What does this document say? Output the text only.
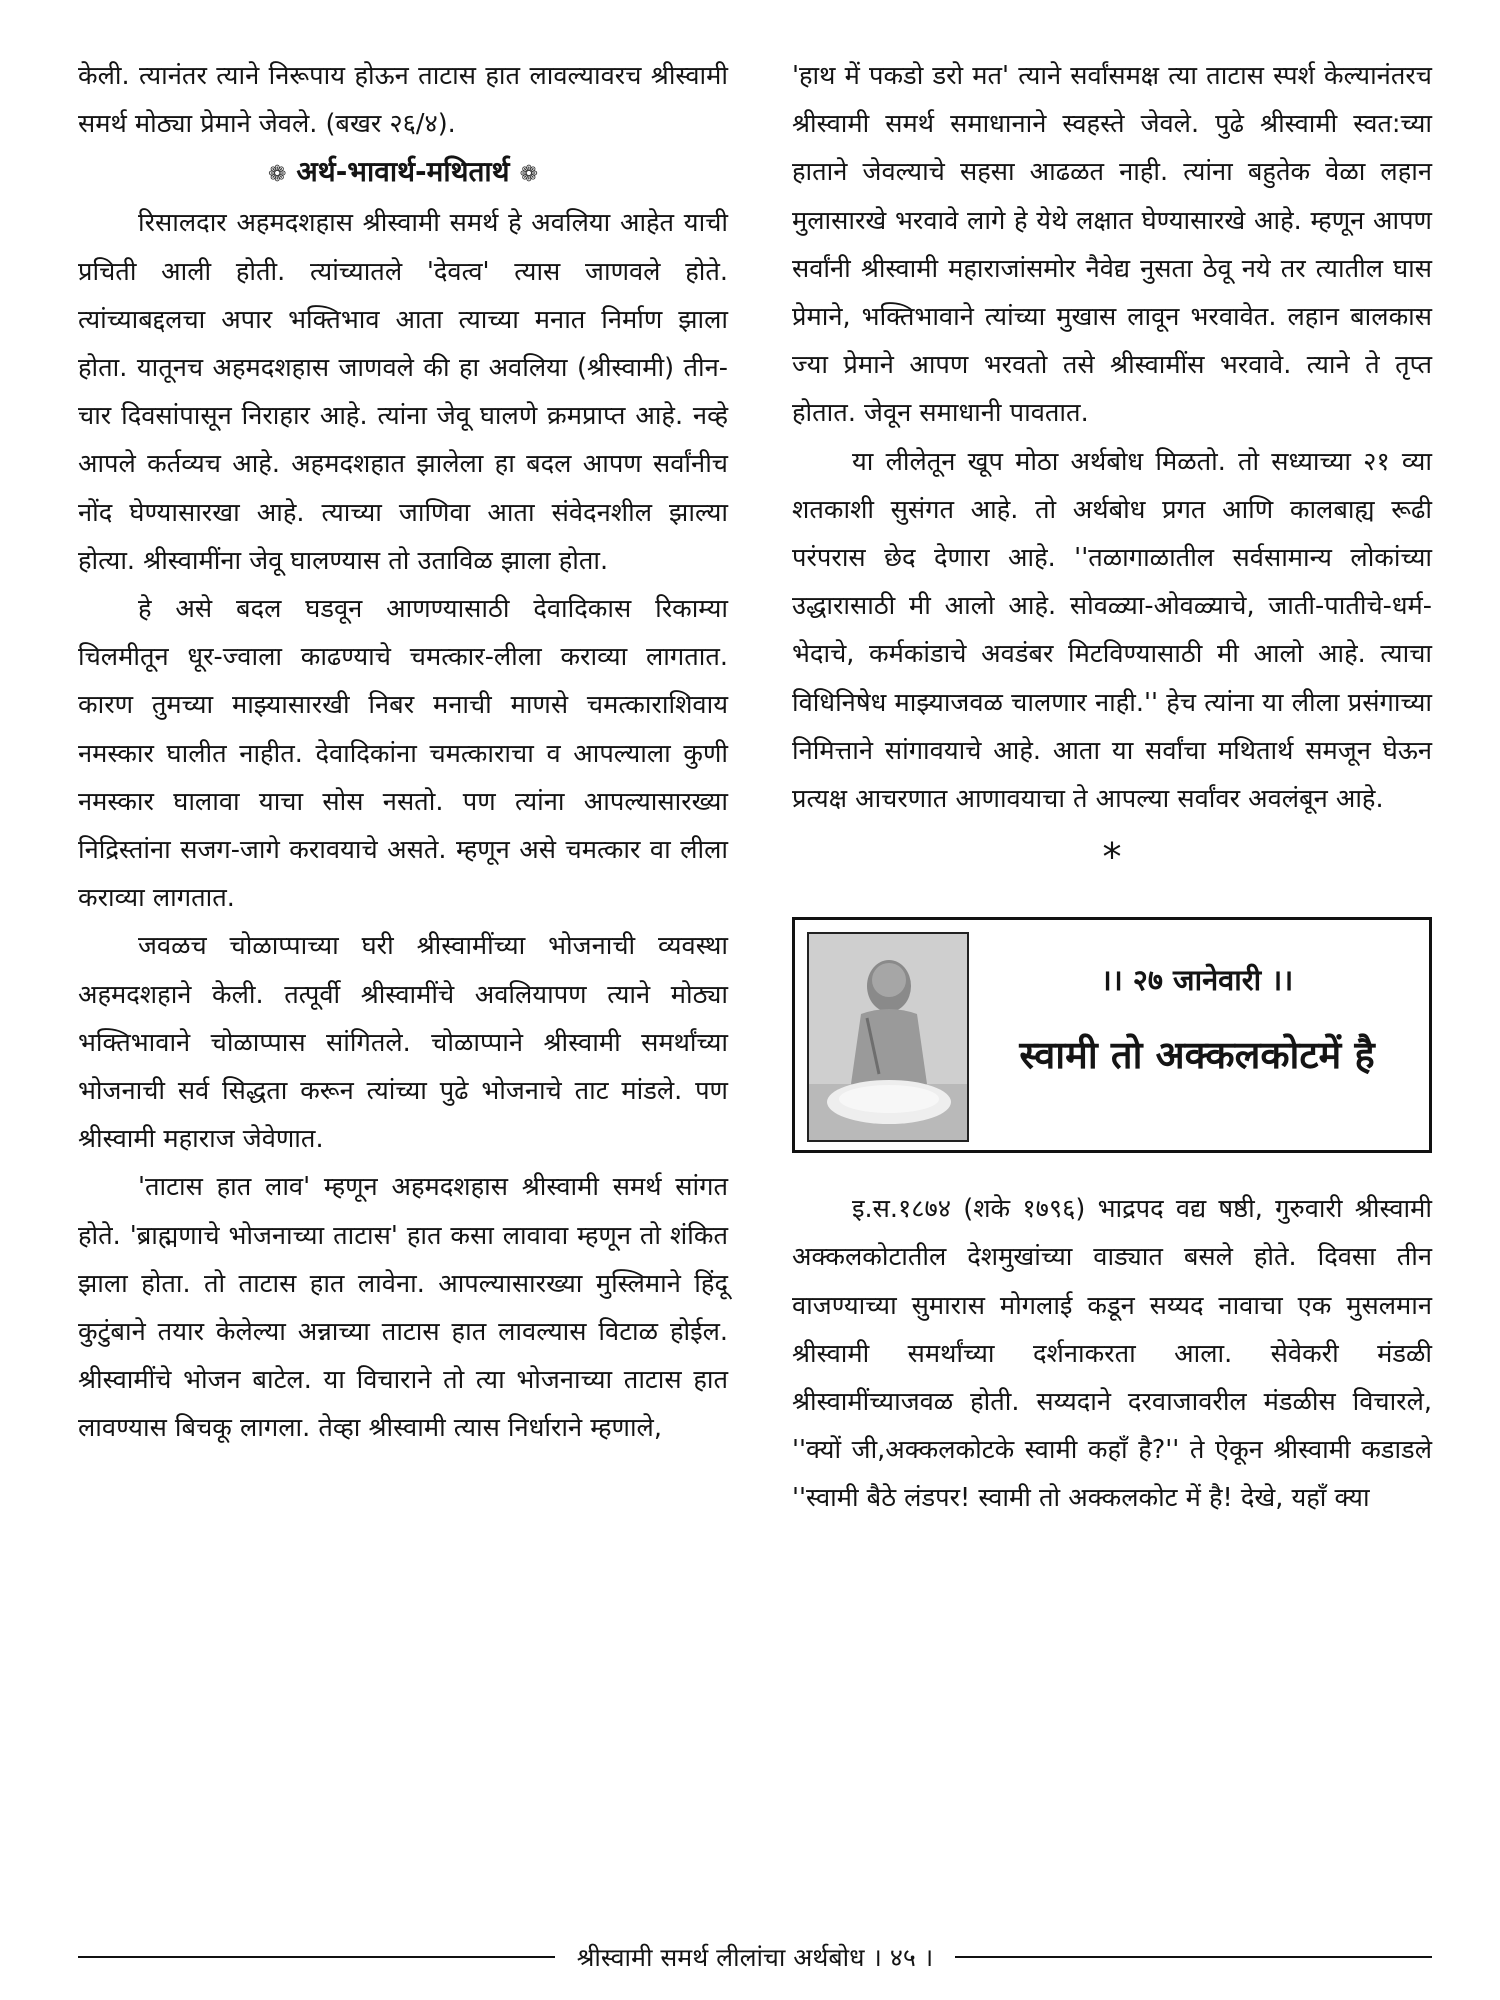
केली. त्यानंतर त्याने निरूपाय होऊन ताटास हात लावल्यावरच श्रीस्वामी समर्थ मोठ्या प्रेमाने जेवले. (बखर २६/४).

❁ अर्थ-भावार्थ-मथितार्थ ❁

रिसालदार अहमदशहास श्रीस्वामी समर्थ हे अवलिया आहेत याची प्रचिती आली होती. त्यांच्यातले 'देवत्व' त्यास जाणवले होते. त्यांच्याबद्दलचा अपार भक्तिभाव आता त्याच्या मनात निर्माण झाला होता. यातूनच अहमदशहास जाणवले की हा अवलिया (श्रीस्वामी) तीन-चार दिवसांपासून निराहार आहे. त्यांना जेवू घालणे क्रमप्राप्त आहे. नव्हे आपले कर्तव्यच आहे. अहमदशहात झालेला हा बदल आपण सर्वांनीच नोंद घेण्यासारखा आहे. त्याच्या जाणिवा आता संवेदनशील झाल्या होत्या. श्रीस्वामींना जेवू घालण्यास तो उताविळ झाला होता.

हे असे बदल घडवून आणण्यासाठी देवादिकास रिकाम्या चिलमीतून धूर-ज्वाला काढण्याचे चमत्कार-लीला कराव्या लागतात. कारण तुमच्या माझ्यासारखी निबर मनाची माणसे चमत्काराशिवाय नमस्कार घालीत नाहीत. देवादिकांना चमत्काराचा व आपल्याला कुणी नमस्कार घालावा याचा सोस नसतो. पण त्यांना आपल्यासारख्या निद्रिस्तांना सजग-जागे करावयाचे असते. म्हणून असे चमत्कार वा लीला कराव्या लागतात.

जवळच चोळाप्पाच्या घरी श्रीस्वामींच्या भोजनाची व्यवस्था अहमदशहाने केली. तत्पूर्वी श्रीस्वामींचे अवलियापण त्याने मोठ्या भक्तिभावाने चोळाप्पास सांगितले. चोळाप्पाने श्रीस्वामी समर्थांच्या भोजनाची सर्व सिद्धता करून त्यांच्या पुढे भोजनाचे ताट मांडले. पण श्रीस्वामी महाराज जेवेणात.

'ताटास हात लाव' म्हणून अहमदशहास श्रीस्वामी समर्थ सांगत होते. 'ब्राह्मणाचे भोजनाच्या ताटास' हात कसा लावावा म्हणून तो शंकित झाला होता. तो ताटास हात लावेना. आपल्यासारख्या मुस्लिमाने हिंदू कुटुंबाने तयार केलेल्या अन्नाच्या ताटास हात लावल्यास विटाळ होईल. श्रीस्वामींचे भोजन बाटेल. या विचाराने तो त्या भोजनाच्या ताटास हात लावण्यास बिचकू लागला. तेव्हा श्रीस्वामी त्यास निर्धाराने म्हणाले,

'हाथ में पकडो डरो मत' त्याने सर्वांसमक्ष त्या ताटास स्पर्श केल्यानंतरच श्रीस्वामी समर्थ समाधानाने स्वहस्ते जेवले. पुढे श्रीस्वामी स्वत:च्या हाताने जेवल्याचे सहसा आढळत नाही. त्यांना बहुतेक वेळा लहान मुलासारखे भरवावे लागे हे येथे लक्षात घेण्यासारखे आहे. म्हणून आपण सर्वांनी श्रीस्वामी महाराजांसमोर नैवेद्य नुसता ठेवू नये तर त्यातील घास प्रेमाने, भक्तिभावाने त्यांच्या मुखास लावून भरवावेत. लहान बालकास ज्या प्रेमाने आपण भरवतो तसे श्रीस्वामींस भरवावे. त्याने ते तृप्त होतात. जेवून समाधानी पावतात.

या लीलेतून खूप मोठा अर्थबोध मिळतो. तो सध्याच्या २१ व्या शतकाशी सुसंगत आहे. तो अर्थबोध प्रगत आणि कालबाह्य रूढी परंपरास छेद देणारा आहे. ''तळागाळातील सर्वसामान्य लोकांच्या उद्धारासाठी मी आलो आहे. सोवळ्या-ओवळ्याचे, जाती-पातीचे-धर्म-भेदाचे, कर्मकांडाचे अवडंबर मिटविण्यासाठी मी आलो आहे. त्याचा विधिनिषेध माझ्याजवळ चालणार नाही.'' हेच त्यांना या लीला प्रसंगाच्या निमित्ताने सांगावयाचे आहे. आता या सर्वांचा मथितार्थ समजून घेऊन प्रत्यक्ष आचरणात आणावयाचा ते आपल्या सर्वांवर अवलंबून आहे.

*
।। २७ जानेवारी ।।
स्वामी तो अक्कलकोटमें है

इ.स.१८७४ (शके १७९६) भाद्रपद वद्य षष्ठी, गुरुवारी श्रीस्वामी अक्कलकोटातील देशमुखांच्या वाड्यात बसले होते. दिवसा तीन वाजण्याच्या सुमारास मोगलाई कडून सय्यद नावाचा एक मुसलमान श्रीस्वामी समर्थांच्या दर्शनाकरता आला. सेवेकरी मंडळी श्रीस्वामींच्याजवळ होती. सय्यदाने दरवाजावरील मंडळीस विचारले, ''क्यों जी,अक्कलकोटके स्वामी कहाँ है?'' ते ऐकून श्रीस्वामी कडाडले ''स्वामी बैठे लंडपर! स्वामी तो अक्कलकोट में है! देखे, यहाँ क्या

श्रीस्वामी समर्थ लीलांचा अर्थबोध । ४५ ।
